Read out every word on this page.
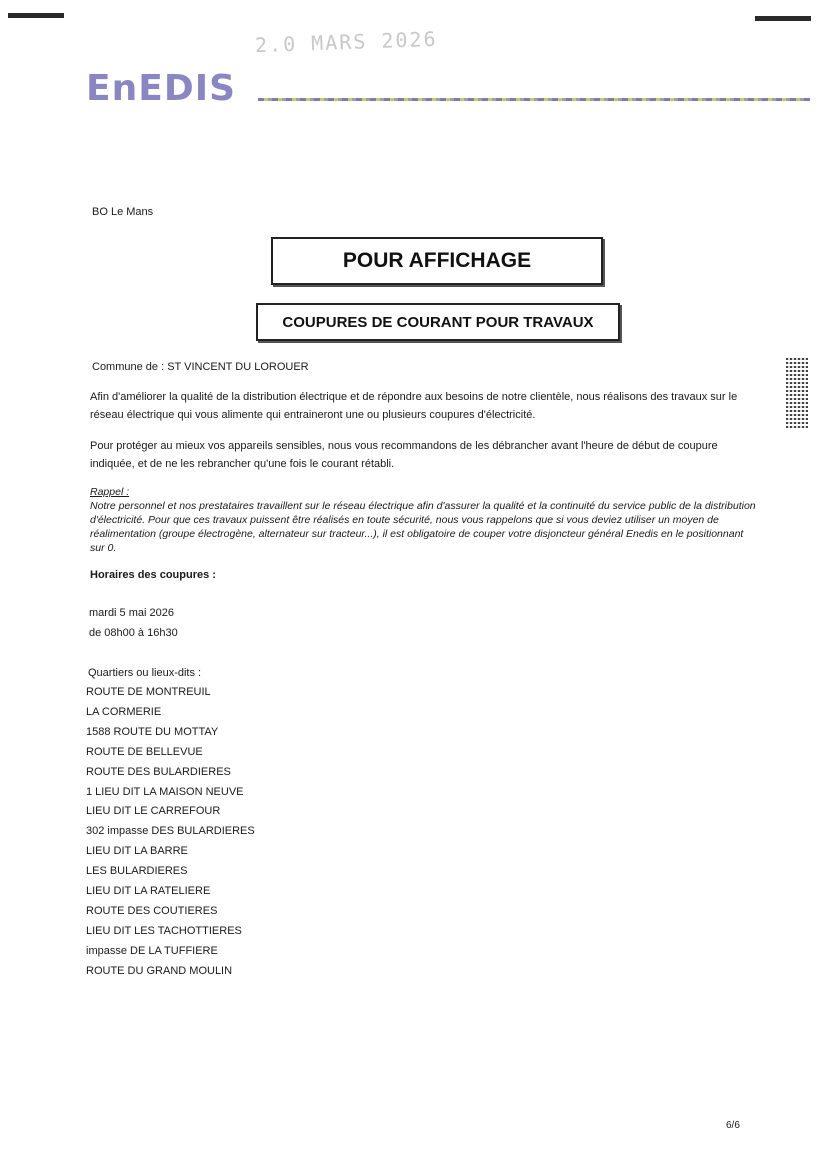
2.0 MARS 2026
EnEDIS
BO Le Mans
POUR AFFICHAGE
COUPURES DE COURANT POUR TRAVAUX
Commune de : ST VINCENT DU LOROUER
Afin d'améliorer la qualité de la distribution électrique et de répondre aux besoins de notre clientèle, nous réalisons des travaux sur le réseau électrique qui vous alimente qui entraineront une ou plusieurs coupures d'électricité.
Pour protéger au mieux vos appareils sensibles, nous vous recommandons de les débrancher avant l'heure de début de coupure indiquée, et de ne les rebrancher qu'une fois le courant rétabli.
Rappel :
Notre personnel et nos prestataires travaillent sur le réseau électrique afin d'assurer la qualité et la continuité du service public de la distribution d'électricité. Pour que ces travaux puissent être réalisés en toute sécurité, nous vous rappelons que si vous deviez utiliser un moyen de réalimentation (groupe électrogène, alternateur sur tracteur...), il est obligatoire de couper votre disjoncteur général Enedis en le positionnant sur 0.
Horaires des coupures :
mardi 5 mai 2026
de 08h00 à 16h30
Quartiers ou lieux-dits :
ROUTE DE MONTREUIL
LA CORMERIE
1588 ROUTE DU MOTTAY
ROUTE DE BELLEVUE
ROUTE DES BULARDIERES
1 LIEU DIT LA MAISON NEUVE
LIEU DIT LE CARREFOUR
302 impasse DES BULARDIERES
LIEU DIT LA BARRE
LES BULARDIERES
LIEU DIT LA RATELIERE
ROUTE DES COUTIERES
LIEU DIT LES TACHOTTIERES
impasse DE LA TUFFIERE
ROUTE DU GRAND MOULIN
6/6
